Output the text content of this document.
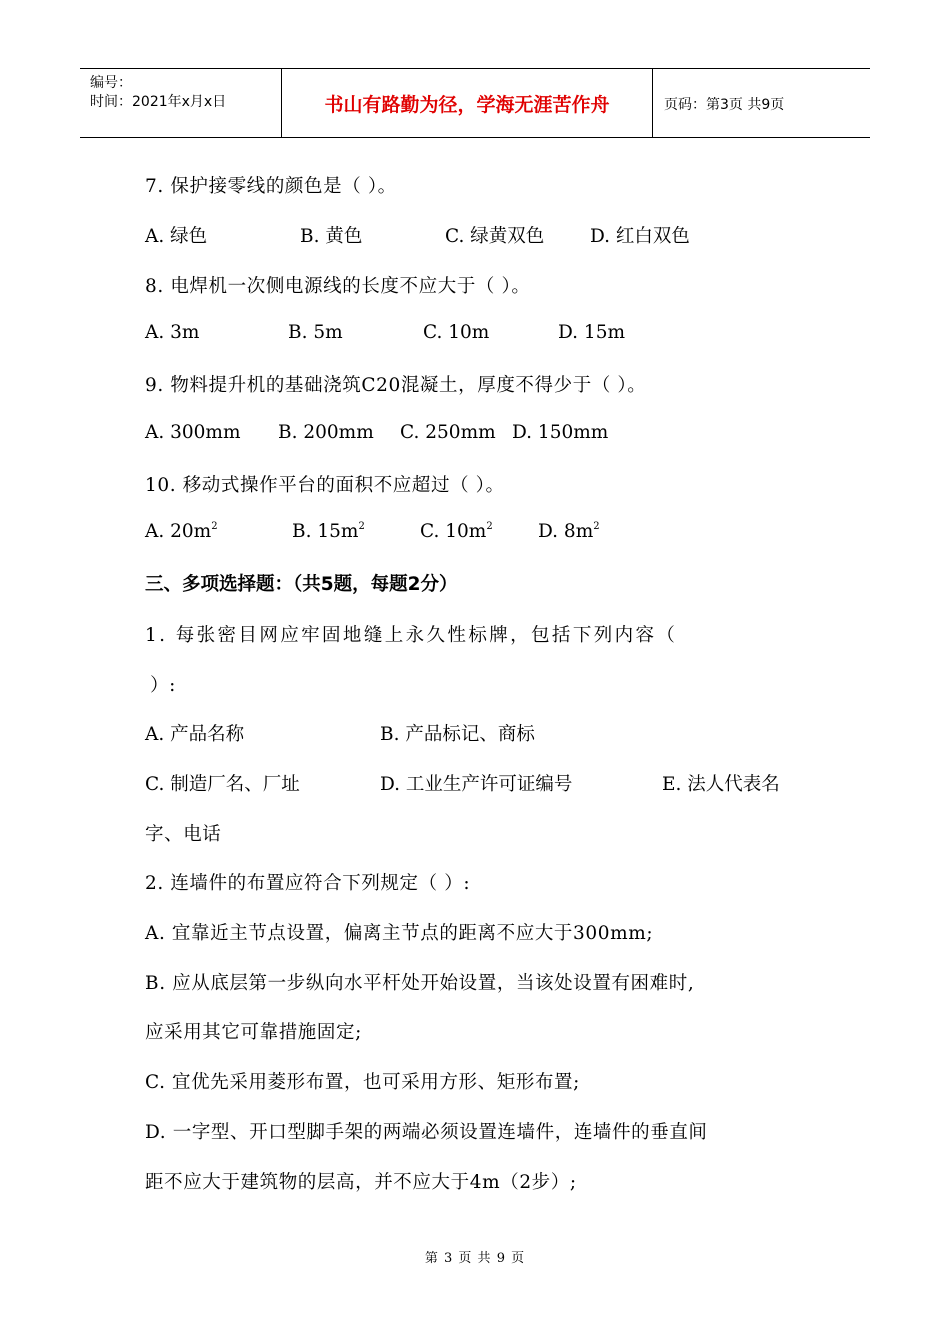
编号：
时间：2021年x月x日	书山有路勤为径，学海无涯苦作舟	页码：第3页 共9页
7. 保护接零线的颜色是（ ）。
A. 绿色	B. 黄色	C. 绿黄双色 D. 红白双色
8. 电焊机一次侧电源线的长度不应大于（ ）。
A. 3m	B. 5m	C. 10m	D. 15m
9. 物料提升机的基础浇筑C20混凝土，厚度不得少于（ ）。
A. 300mm B. 200mm C. 250mm D. 150mm
10. 移动式操作平台的面积不应超过（ ）。
A. $20m^2$	B. $15m^2$	C. $10m^2$ D. $8m^2$
三、多项选择题：（共5题，每题2分）
1. 每张密目网应牢固地缝上永久性标牌，包括下列内容（
）:
A. 产品名称	B. 产品标记、商标
C. 制造厂名、厂址	D. 工业生产许可证编号	E. 法人代表名
字、电话
2. 连墙件的布置应符合下列规定（ ）:
A. 宜靠近主节点设置，偏离主节点的距离不应大于300mm;
B. 应从底层第一步纵向水平杆处开始设置，当该处设置有困难时,
应采用其它可靠措施固定;
C. 宜优先采用菱形布置，也可采用方形、矩形布置;
D. 一字型、开口型脚手架的两端必须设置连墙件，连墙件的垂直间
距不应大于建筑物的层高，并不应大于4m（2步）;
第 3 页 共 9 页
